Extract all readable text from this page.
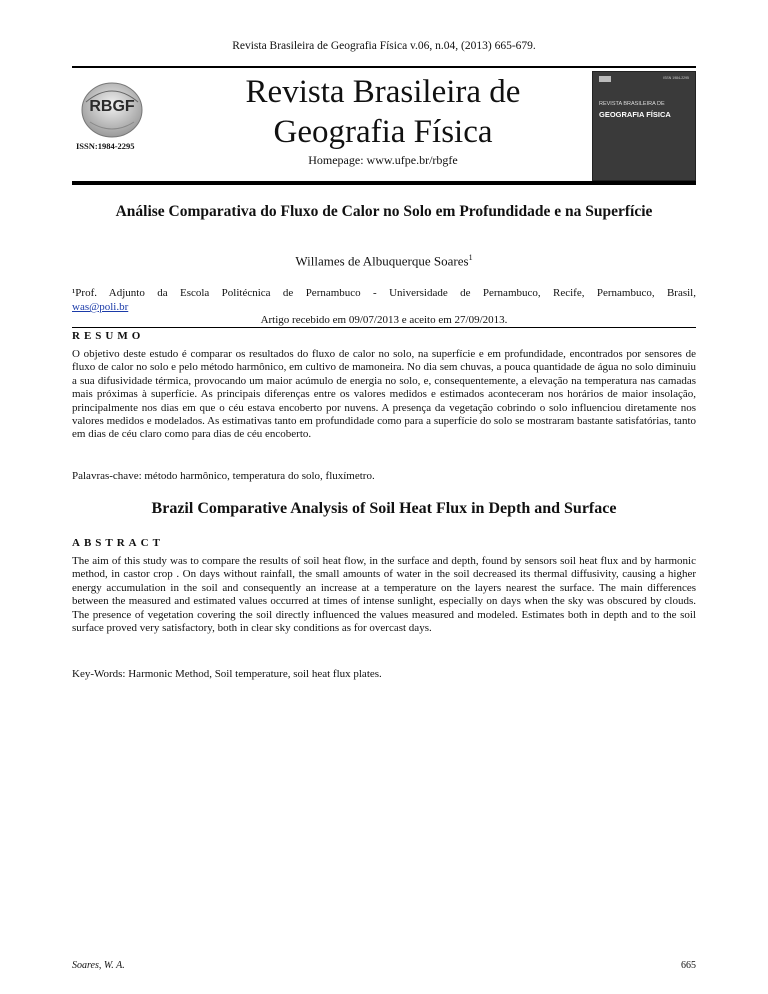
Revista Brasileira de Geografia Física v.06, n.04, (2013) 665-679.
RBGF
ISSN:1984-2295
Revista Brasileira de
Geografia Física
Homepage: www.ufpe.br/rbgfe
ISSN 1984-2295
REVISTA BRASILEIRA DE
GEOGRAFIA FÍSICA
Análise Comparativa do Fluxo de Calor no Solo em Profundidade e na Superfície
Willames de Albuquerque Soares$^1$
¹Prof. Adjunto da Escola Politécnica de Pernambuco - Universidade de Pernambuco, Recife, Pernambuco, Brasil,
was@poli.br
Artigo recebido em 09/07/2013 e aceito em 27/09/2013.
RESUMO
O objetivo deste estudo é comparar os resultados do fluxo de calor no solo, na superfície e em profundidade, encontrados por sensores de fluxo de calor no solo e pelo método harmônico, em cultivo de mamoneira. No dia sem chuvas, a pouca quantidade de água no solo diminuiu a sua difusividade térmica, provocando um maior acúmulo de energia no solo, e, consequentemente, a elevação na temperatura nas camadas mais próximas à superfície. As principais diferenças entre os valores medidos e estimados aconteceram nos horários de maior insolação, principalmente nos dias em que o céu estava encoberto por nuvens. A presença da vegetação cobrindo o solo influenciou diretamente nos valores medidos e modelados. As estimativas tanto em profundidade como para a superfície do solo se mostraram bastante satisfatórias, tanto em dias de céu claro como para dias de céu encoberto.
Palavras-chave: método harmônico, temperatura do solo, fluxímetro.
Brazil Comparative Analysis of Soil Heat Flux in Depth and Surface
ABSTRACT
The aim of this study was to compare the results of soil heat flow, in the surface and depth, found by sensors soil heat flux and by harmonic method, in castor crop . On days without rainfall, the small amounts of water in the soil decreased its thermal diffusivity, causing a higher energy accumulation in the soil and consequently an increase at a temperature on the layers nearest the surface. The main differences between the measured and estimated values occurred at times of intense sunlight, especially on days when the sky was obscured by clouds. The presence of vegetation covering the soil directly influenced the values measured and modeled. Estimates both in depth and to the soil surface proved very satisfactory, both in clear sky conditions as for overcast days.
Key-Words: Harmonic Method, Soil temperature, soil heat flux plates.
Soares, W. A.	665
